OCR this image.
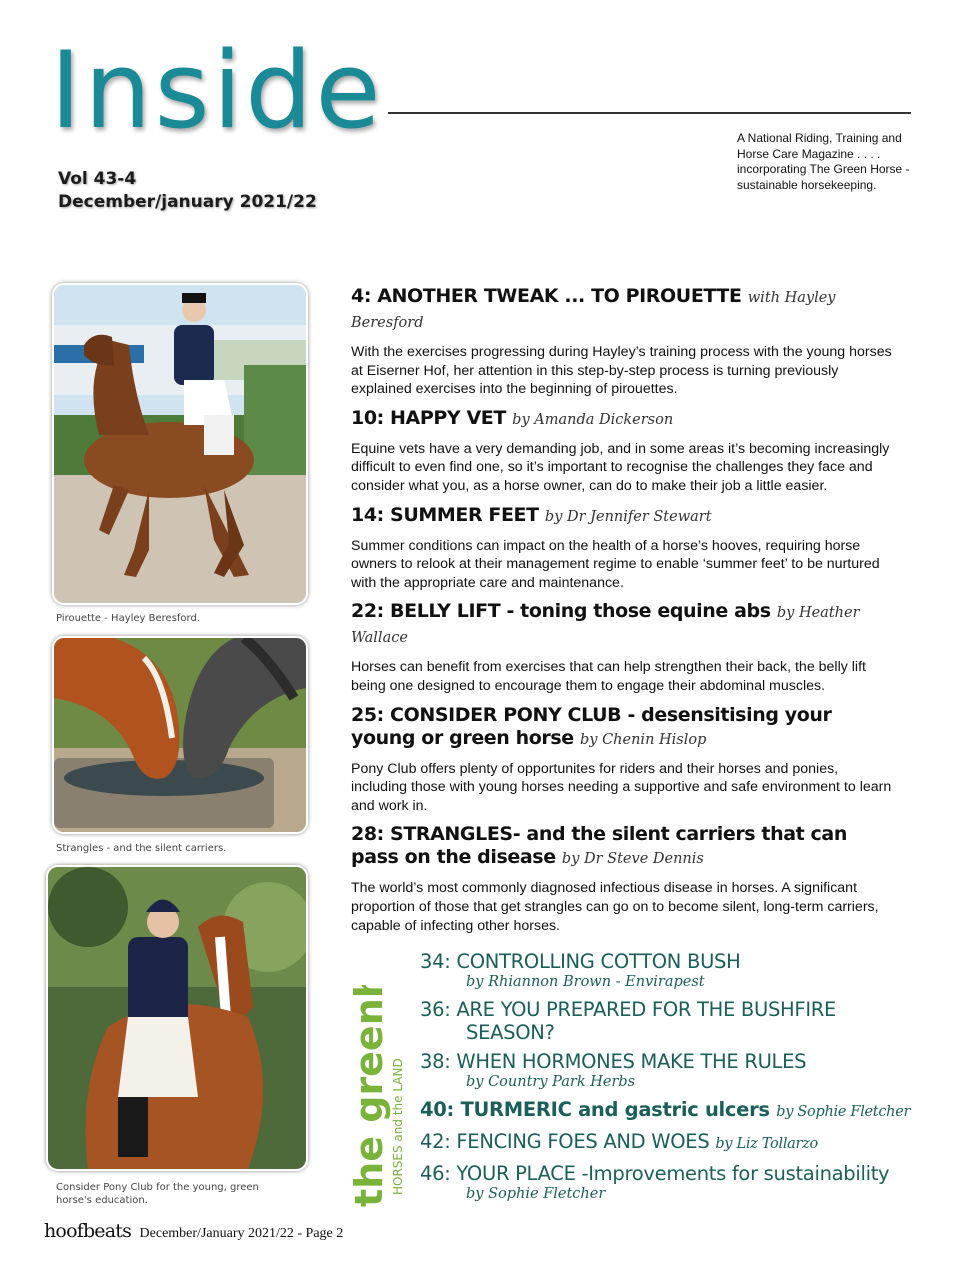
Inside	A National Riding, Training and Horse Care Magazine . . . . incorporating The Green Horse -sustainable horsekeeping.
Vol 43-4
December/january 2021/22
Pirouette - Hayley Beresford.
Strangles - and the silent carriers.
Consider Pony Club for the young, green horse's education.
4: ANOTHER TWEAK ... TO PIROUETTE with Hayley Beresford
With the exercises progressing during Hayley’s training process with the young horses at Eiserner Hof, her attention in this step-by-step process is turning previously explained exercises into the beginning of pirouettes.
10: HAPPY VET by Amanda Dickerson
Equine vets have a very demanding job, and in some areas it’s becoming increasingly difficult to even find one, so it’s important to recognise the challenges they face and consider what you, as a horse owner, can do to make their job a little easier.
14: SUMMER FEET by Dr Jennifer Stewart
Summer conditions can impact on the health of a horse’s hooves, requiring horse owners to relook at their management regime to enable ‘summer feet’ to be nurtured with the appropriate care and maintenance.
22: BELLY LIFT - toning those equine abs by Heather Wallace
Horses can benefit from exercises that can help strengthen their back, the belly lift being one designed to encourage them to engage their abdominal muscles.
25: CONSIDER PONY CLUB - desensitising your young or green horse by Chenin Hislop
Pony Club offers plenty of opportunites for riders and their horses and ponies, including those with young horses needing a supportive and safe environment to learn and work in.
28: STRANGLES- and the silent carriers that can pass on the disease by Dr Steve Dennis
The world’s most commonly diagnosed infectious disease in horses. A significant proportion of those that get strangles can go on to become silent, long-term carriers, capable of infecting other horses.
the greenhorse HORSES and the LAND
34: CONTROLLING COTTON BUSH
by Rhiannon Brown - Envirapest
36: ARE YOU PREPARED FOR THE BUSHFIRE
SEASON?
38: WHEN HORMONES MAKE THE RULES
by Country Park Herbs
40: TURMERIC and gastric ulcers by Sophie Fletcher
42: FENCING FOES AND WOES by Liz Tollarzo
46: YOUR PLACE -Improvements for sustainability
by Sophie Fletcher
hoofbeats December/January 2021/22 - Page 2
